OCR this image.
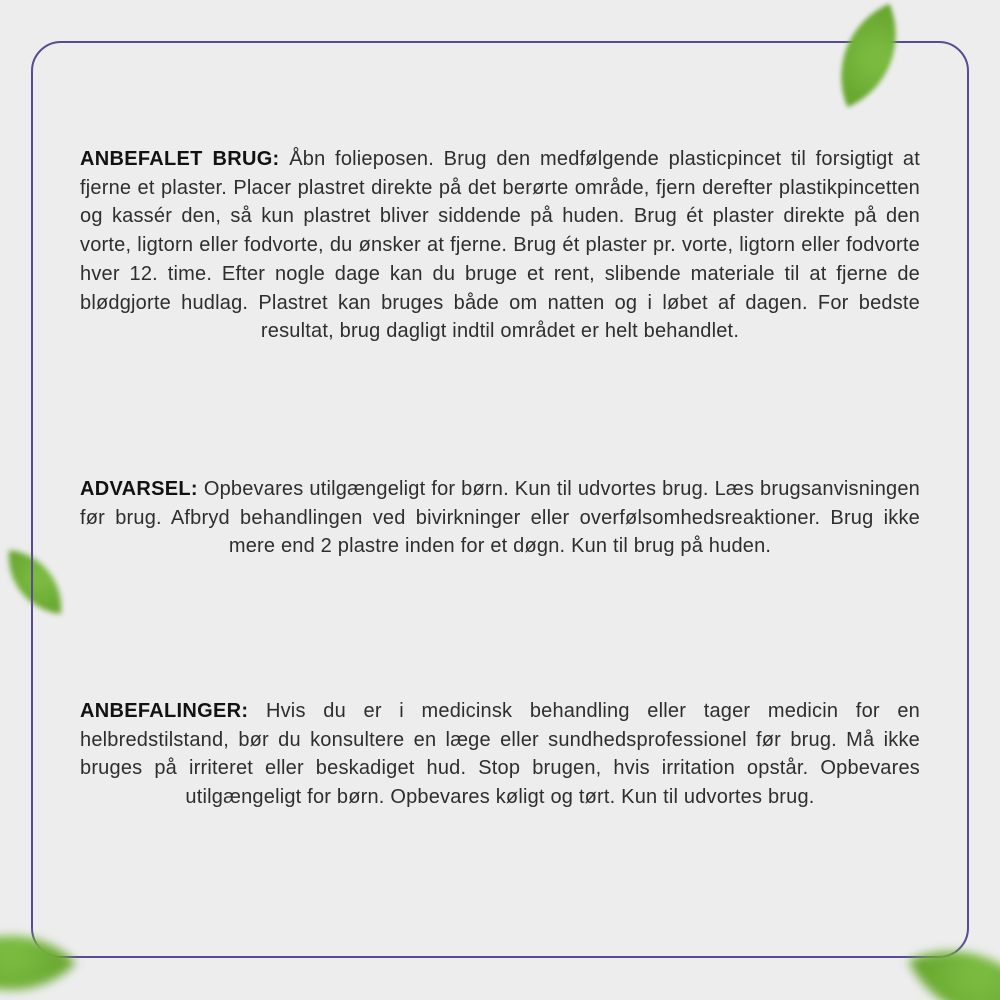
ANBEFALET BRUG: Åbn folieposen. Brug den medfølgende plasticpincet til forsigtigt at fjerne et plaster. Placer plastret direkte på det berørte område, fjern derefter plastikpincetten og kassér den, så kun plastret bliver siddende på huden. Brug ét plaster direkte på den vorte, ligtorn eller fodvorte, du ønsker at fjerne. Brug ét plaster pr. vorte, ligtorn eller fodvorte hver 12. time. Efter nogle dage kan du bruge et rent, slibende materiale til at fjerne de blødgjorte hudlag. Plastret kan bruges både om natten og i løbet af dagen. For bedste resultat, brug dagligt indtil området er helt behandlet.

ADVARSEL: Opbevares utilgængeligt for børn. Kun til udvortes brug. Læs brugsanvisningen før brug. Afbryd behandlingen ved bivirkninger eller overfølsomhedsreaktioner. Brug ikke mere end 2 plastre inden for et døgn. Kun til brug på huden.

ANBEFALINGER: Hvis du er i medicinsk behandling eller tager medicin for en helbredstilstand, bør du konsultere en læge eller sundhedsprofessionel før brug. Må ikke bruges på irriteret eller beskadiget hud. Stop brugen, hvis irritation opstår. Opbevares utilgængeligt for børn. Opbevares køligt og tørt. Kun til udvortes brug.
